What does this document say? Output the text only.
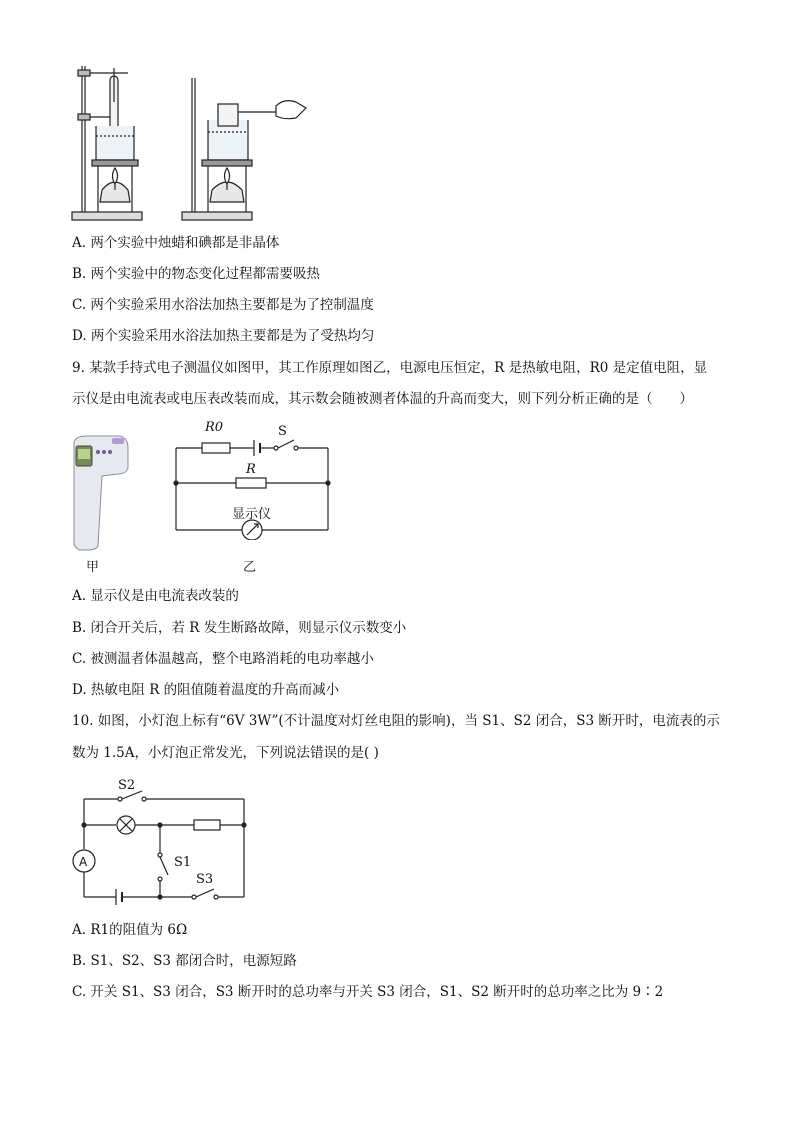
A. 两个实验中烛蜡和碘都是非晶体
B. 两个实验中的物态变化过程都需要吸热
C. 两个实验采用水浴法加热主要都是为了控制温度
D. 两个实验采用水浴法加热主要都是为了受热均匀
9. 某款手持式电子测温仪如图甲，其工作原理如图乙，电源电压恒定，R 是热敏电阻，R0 是定值电阻，显
示仪是由电流表或电压表改装而成，其示数会随被测者体温的升高而变大，则下列分析正确的是（　　）
甲
R0	S
R
显示仪
乙
A. 显示仪是由电流表改装的
B. 闭合开关后，若 R 发生断路故障，则显示仪示数变小
C. 被测温者体温越高，整个电路消耗的电功率越小
D. 热敏电阻 R 的阻值随着温度的升高而减小
10. 如图，小灯泡上标有“6V 3W”(不计温度对灯丝电阻的影响)，当 S1、S2 闭合，S3 断开时，电流表的示
数为 1.5A，小灯泡正常发光，下列说法错误的是( )
A
S2
S1
S3
A. R1的阻值为 6Ω
B. S1、S2、S3 都闭合时，电源短路
C. 开关 S1、S3 闭合，S3 断开时的总功率与开关 S3 闭合，S1、S2 断开时的总功率之比为 9∶2
